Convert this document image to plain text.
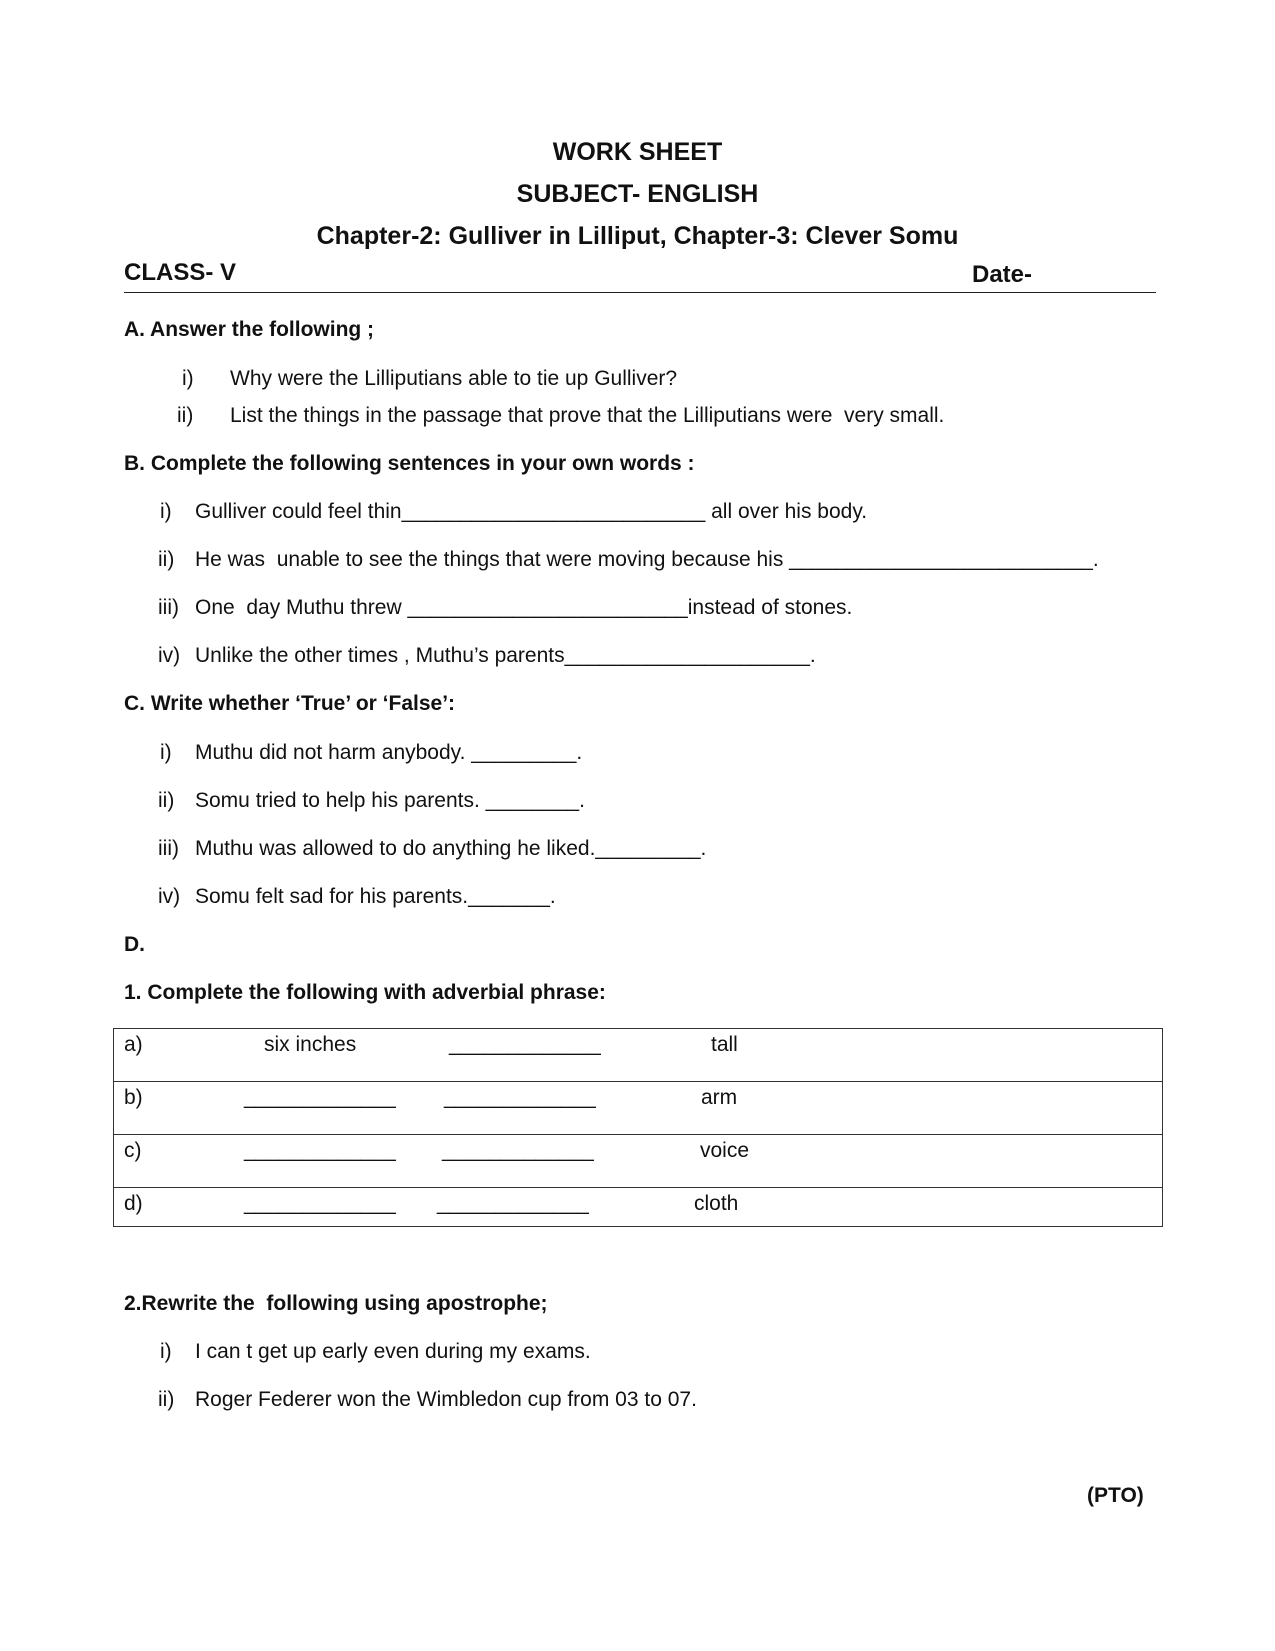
WORK SHEET
SUBJECT- ENGLISH
Chapter-2: Gulliver in Lilliput, Chapter-3: Clever Somu
CLASS- V	Date-
A. Answer the following ;
i) Why were the Lilliputians able to tie up Gulliver?
ii) List the things in the passage that prove that the Lilliputians were  very small.
B. Complete the following sentences in your own words :
i) Gulliver could feel thin__________________________ all over his body.
ii) He was  unable to see the things that were moving because his __________________________.
iii) One  day Muthu threw ________________________instead of stones.
iv) Unlike the other times , Muthu’s parents_____________________.
C. Write whether ‘True’ or ‘False’:
i) Muthu did not harm anybody. _________.
ii) Somu tried to help his parents. ________.
iii) Muthu was allowed to do anything he liked._________.
iv) Somu felt sad for his parents._______.
D.
1. Complete the following with adverbial phrase:
a)	six inches	_____________	tall

b)	_____________ _____________	arm

c)	_____________ _____________	voice

d)	_____________ _____________	cloth
2.Rewrite the  following using apostrophe;
i) I can t get up early even during my exams.
ii) Roger Federer won the Wimbledon cup from 03 to 07.
(PTO)
